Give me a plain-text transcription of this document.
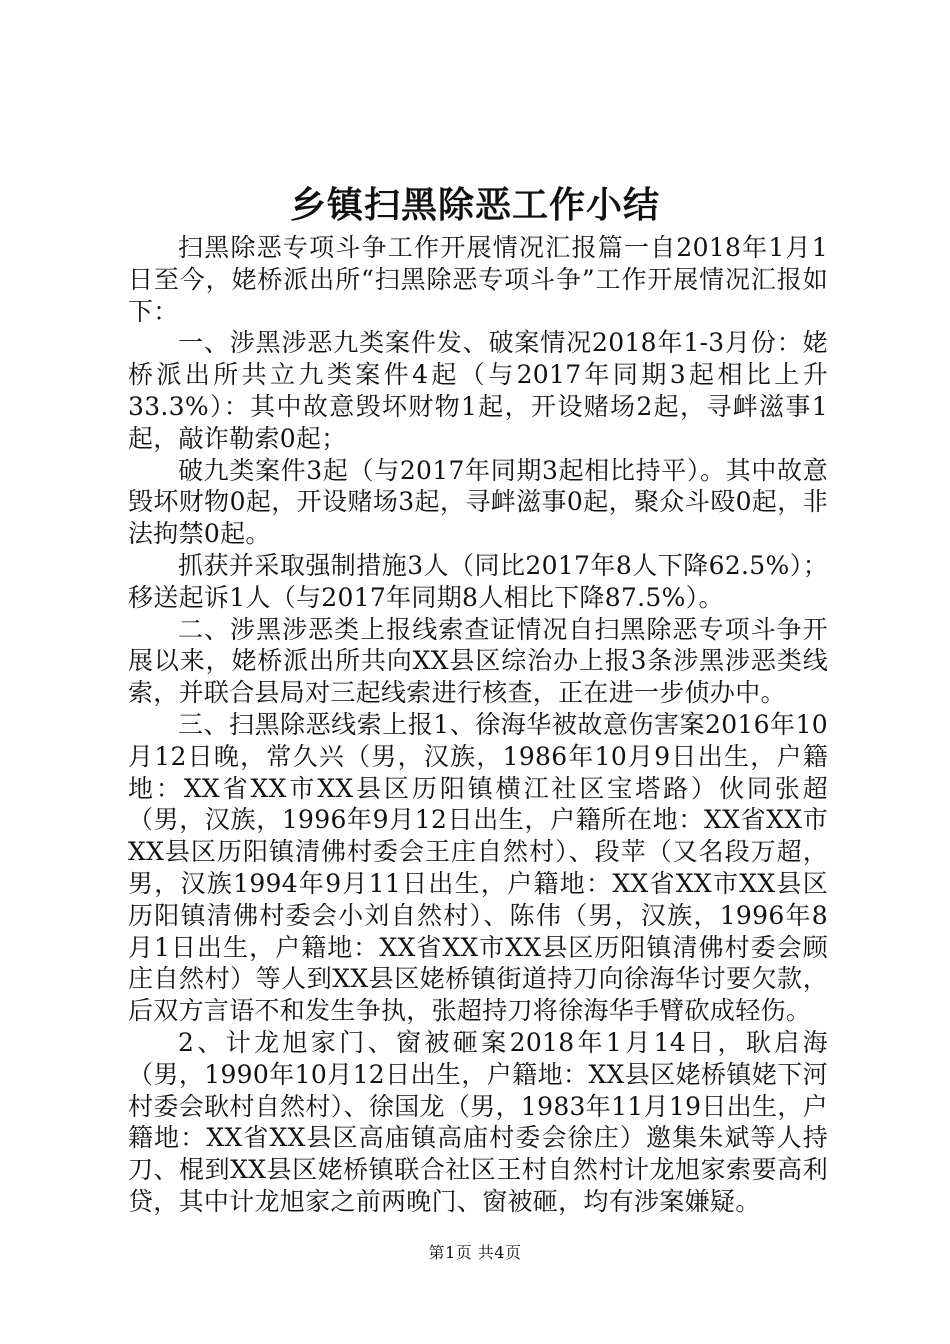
乡镇扫黑除恶工作小结

扫黑除恶专项斗争工作开展情况汇报篇一自2018年1月1日至今，姥桥派出所“扫黑除恶专项斗争”工作开展情况汇报如下：

一、涉黑涉恶九类案件发、破案情况2018年1-3月份：姥桥派出所共立九类案件4起（与2017年同期3起相比上升33.3%）：其中故意毁坏财物1起，开设赌场2起，寻衅滋事1起，敲诈勒索0起；

破九类案件3起（与2017年同期3起相比持平）。其中故意毁坏财物0起，开设赌场3起，寻衅滋事0起，聚众斗殴0起，非法拘禁0起。

抓获并采取强制措施3人（同比2017年8人下降62.5%）；移送起诉1人（与2017年同期8人相比下降87.5%）。

二、涉黑涉恶类上报线索查证情况自扫黑除恶专项斗争开展以来，姥桥派出所共向XX县区综治办上报3条涉黑涉恶类线索，并联合县局对三起线索进行核查，正在进一步侦办中。

三、扫黑除恶线索上报1、徐海华被故意伤害案2016年10月12日晚，常久兴（男，汉族，1986年10月9日出生，户籍地：XX省XX市XX县区历阳镇横江社区宝塔路）伙同张超（男，汉族，1996年9月12日出生，户籍所在地：XX省XX市XX县区历阳镇清佛村委会王庄自然村）、段苹（又名段万超，男，汉族1994年9月11日出生，户籍地：XX省XX市XX县区历阳镇清佛村委会小刘自然村）、陈伟（男，汉族，1996年8月1日出生，户籍地：XX省XX市XX县区历阳镇清佛村委会顾庄自然村）等人到XX县区姥桥镇街道持刀向徐海华讨要欠款，后双方言语不和发生争执，张超持刀将徐海华手臂砍成轻伤。

2、计龙旭家门、窗被砸案2018年1月14日，耿启海（男，1990年10月12日出生，户籍地：XX县区姥桥镇姥下河村委会耿村自然村）、徐国龙（男，1983年11月19日出生，户籍地：XX省XX县区高庙镇高庙村委会徐庄）邀集朱斌等人持刀、棍到XX县区姥桥镇联合社区王村自然村计龙旭家索要高利贷，其中计龙旭家之前两晚门、窗被砸，均有涉案嫌疑。

第1页 共4页
